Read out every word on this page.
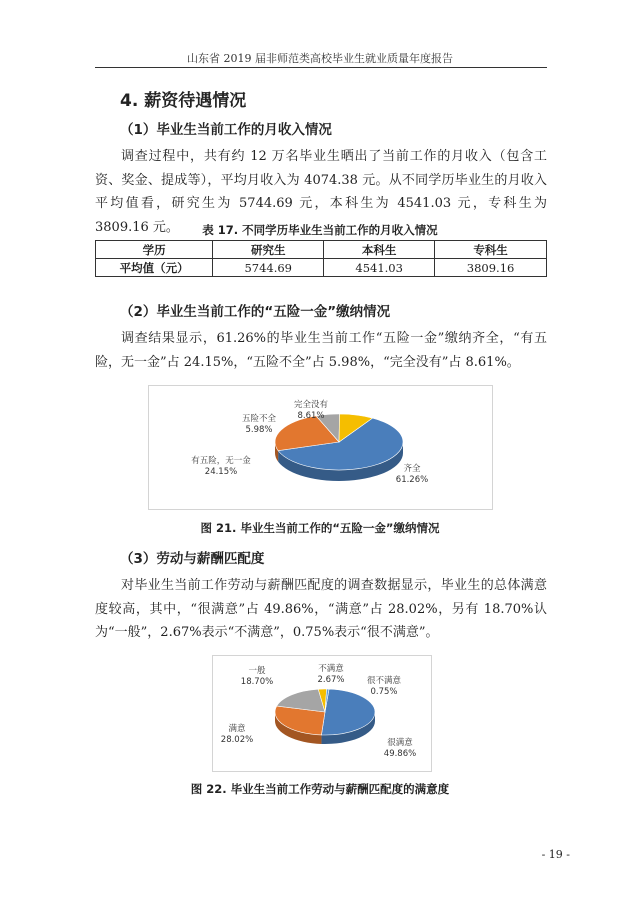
山东省 2019 届非师范类高校毕业生就业质量年度报告
4. 薪资待遇情况
（1）毕业生当前工作的月收入情况

调查过程中，共有约 12 万名毕业生晒出了当前工作的月收入（包含工资、奖金、提成等），平均月收入为 4074.38 元。从不同学历毕业生的月收入平均值看，研究生为 5744.69 元，本科生为 4541.03 元，专科生为 3809.16 元。	表 17. 不同学历毕业生当前工作的月收入情况
学历	研究生	本科生	专科生
平均值（元）	5744.69	4541.03	3809.16
（2）毕业生当前工作的“五险一金”缴纳情况

调查结果显示，61.26%的毕业生当前工作“五险一金”缴纳齐全，“有五险，无一金”占 24.15%，“五险不全”占 5.98%，“完全没有”占 8.61%。

完全没有
8.61%
五险不全
5.98%
有五险，无一金
24.15%	齐全
61.26%
图 21. 毕业生当前工作的“五险一金”缴纳情况
（3）劳动与薪酬匹配度

对毕业生当前工作劳动与薪酬匹配度的调查数据显示，毕业生的总体满意度较高，其中，“很满意”占 49.86%，“满意”占 28.02%，另有 18.70%认为“一般”，2.67%表示“不满意”，0.75%表示“很不满意”。

一般
18.70%
不满意
2.67%	很不满意
0.75%
满意
28.02%	很满意
49.86%
图 22. 毕业生当前工作劳动与薪酬匹配度的满意度
- 19 -
